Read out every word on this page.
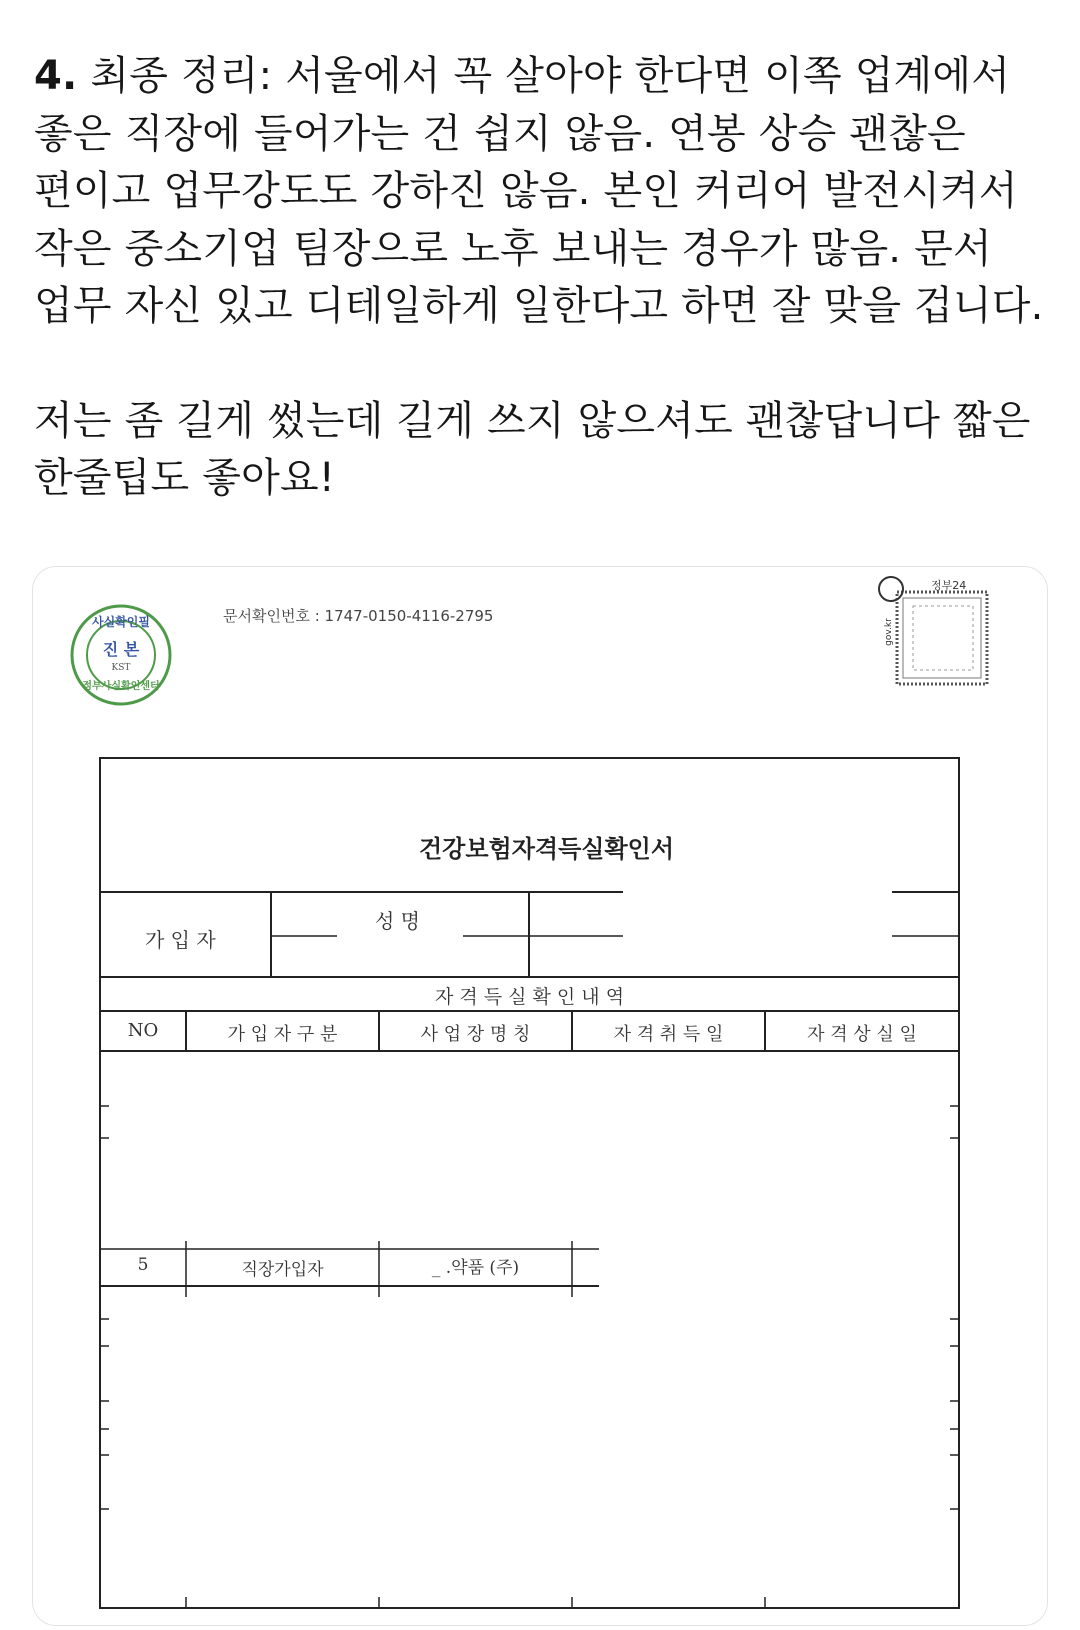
4. 최종 정리: 서울에서 꼭 살아야 한다면 이쪽 업계에서

좋은 직장에 들어가는 건 쉽지 않음. 연봉 상승 괜찮은

편이고 업무강도도 강하진 않음. 본인 커리어 발전시켜서

작은 중소기업 팀장으로 노후 보내는 경우가 많음. 문서

업무 자신 있고 디테일하게 일한다고 하면 잘 맞을 겁니다.

저는 좀 길게 썼는데 길게 쓰지 않으셔도 괜찮답니다 짧은

한줄팁도 좋아요!

사실확인필
진 본
KST
정부사실확인센터
정부24
gov.kr
문서확인번호 : 1747-0150-4116-2795
건강보험자격득실확인서
가 입 자
성 명
자 격 득 실 확 인 내 역
NO	가 입 자 구 분	사 업 장 명 칭	자 격 취 득 일	자 격 상 실 일
5	직장가입자	_ .약품 (주)
